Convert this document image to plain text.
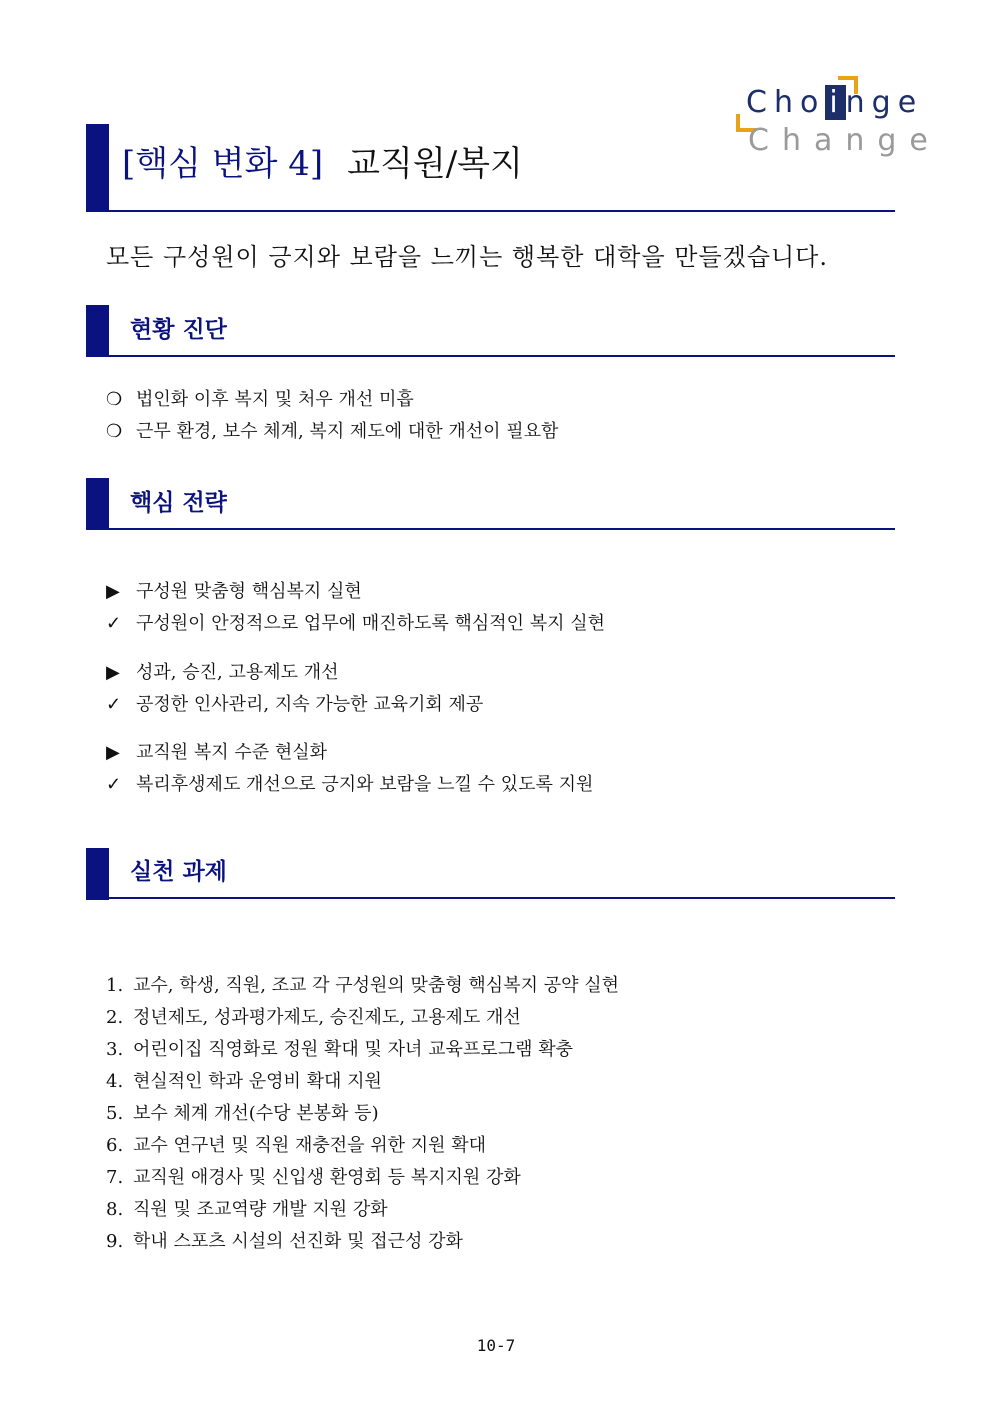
Cho inge
Change
[핵심 변화 4] 교직원/복지
모든 구성원이 긍지와 보람을 느끼는 행복한 대학을 만들겠습니다.
현황 진단
❍ 법인화 이후 복지 및 처우 개선 미흡
❍ 근무 환경, 보수 체계, 복지 제도에 대한 개선이 필요함
핵심 전략
▶ 구성원 맞춤형 핵심복지 실현
✓ 구성원이 안정적으로 업무에 매진하도록 핵심적인 복지 실현
▶ 성과, 승진, 고용제도 개선
✓ 공정한 인사관리, 지속 가능한 교육기회 제공
▶ 교직원 복지 수준 현실화
✓ 복리후생제도 개선으로 긍지와 보람을 느낄 수 있도록 지원
실천 과제
1. 교수, 학생, 직원, 조교 각 구성원의 맞춤형 핵심복지 공약 실현
2. 정년제도, 성과평가제도, 승진제도, 고용제도 개선
3. 어린이집 직영화로 정원 확대 및 자녀 교육프로그램 확충
4. 현실적인 학과 운영비 확대 지원
5. 보수 체계 개선(수당 본봉화 등)
6. 교수 연구년 및 직원 재충전을 위한 지원 확대
7. 교직원 애경사 및 신입생 환영회 등 복지지원 강화
8. 직원 및 조교역량 개발 지원 강화
9. 학내 스포츠 시설의 선진화 및 접근성 강화
10-7
